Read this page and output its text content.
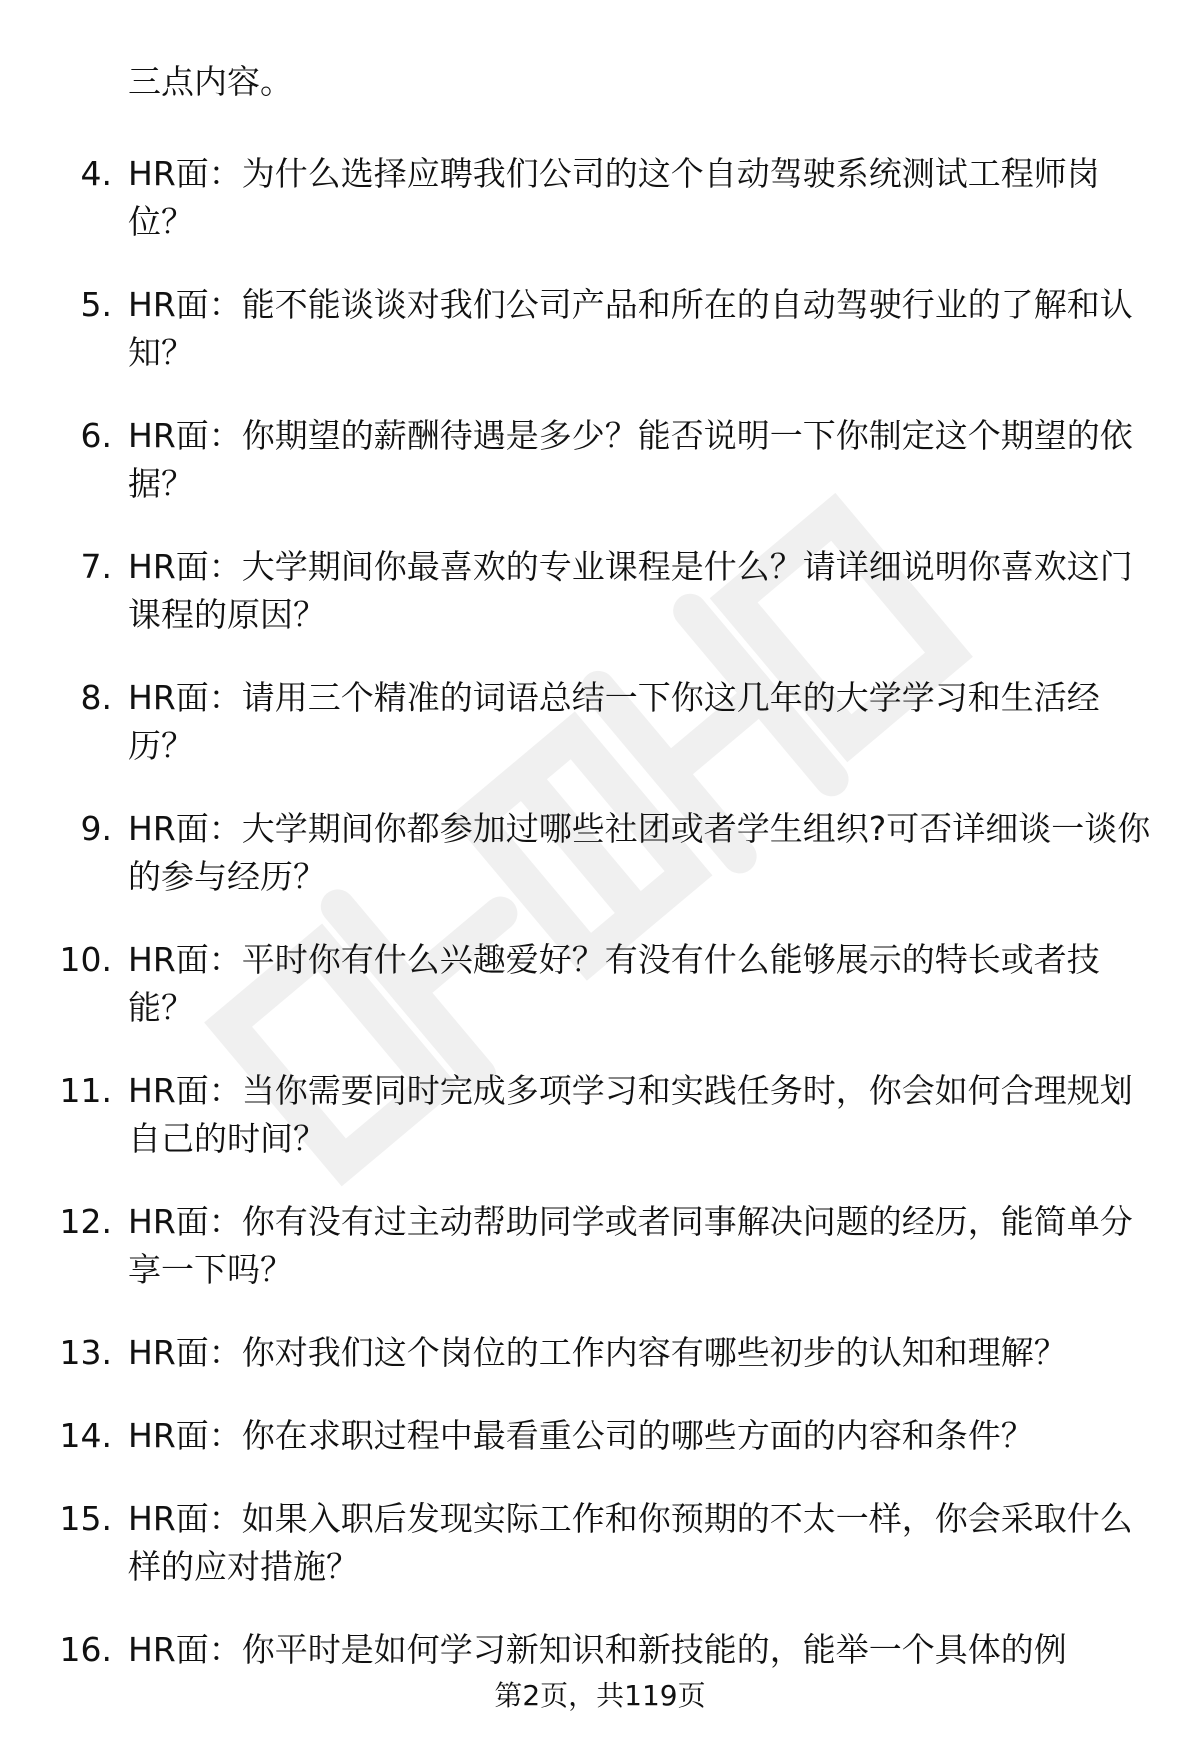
三点内容。
4. HR面：为什么选择应聘我们公司的这个自动驾驶系统测试工程师岗位？
5. HR面：能不能谈谈对我们公司产品和所在的自动驾驶行业的了解和认知？
6. HR面：你期望的薪酬待遇是多少？能否说明一下你制定这个期望的依据？
7. HR面：大学期间你最喜欢的专业课程是什么？请详细说明你喜欢这门课程的原因？
8. HR面：请用三个精准的词语总结一下你这几年的大学学习和生活经历？
9. HR面：大学期间你都参加过哪些社团或者学生组织?可否详细谈一谈你的参与经历？
10. HR面：平时你有什么兴趣爱好？有没有什么能够展示的特长或者技能？
11. HR面：当你需要同时完成多项学习和实践任务时，你会如何合理规划自己的时间？
12. HR面：你有没有过主动帮助同学或者同事解决问题的经历，能简单分享一下吗？
13. HR面：你对我们这个岗位的工作内容有哪些初步的认知和理解？
14. HR面：你在求职过程中最看重公司的哪些方面的内容和条件？
15. HR面：如果入职后发现实际工作和你预期的不太一样，你会采取什么样的应对措施？
16. HR面：你平时是如何学习新知识和新技能的，能举一个具体的例
第2页，共119页
